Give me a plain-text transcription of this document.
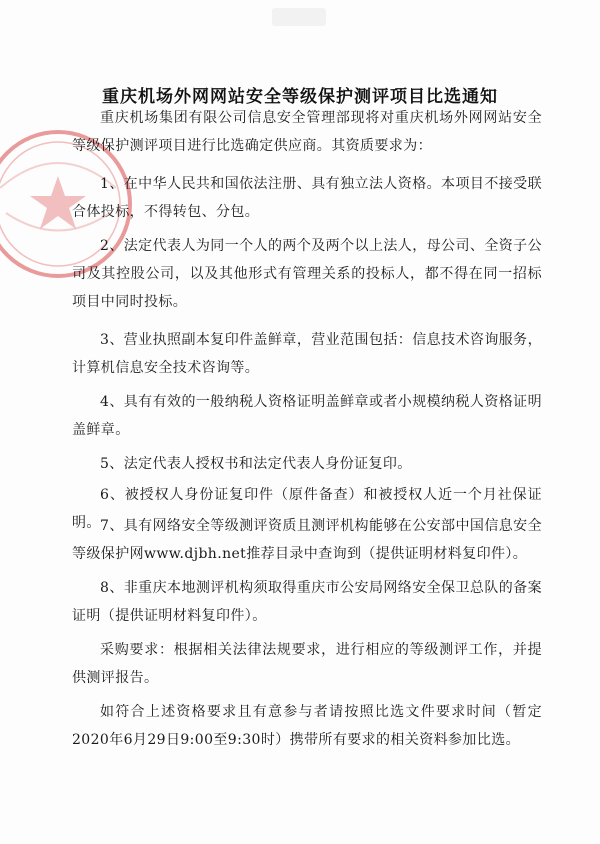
重庆机场外网网站安全等级保护测评项目比选通知
重庆机场集团有限公司信息安全管理部现将对重庆机场外网网站安全等级保护测评项目进行比选确定供应商。其资质要求为：
1、在中华人民共和国依法注册、具有独立法人资格。本项目不接受联合体投标，不得转包、分包。
2、法定代表人为同一个人的两个及两个以上法人，母公司、全资子公司及其控股公司，以及其他形式有管理关系的投标人，都不得在同一招标项目中同时投标。
3、营业执照副本复印件盖鲜章，营业范围包括：信息技术咨询服务，计算机信息安全技术咨询等。
4、具有有效的一般纳税人资格证明盖鲜章或者小规模纳税人资格证明盖鲜章。
5、法定代表人授权书和法定代表人身份证复印。
6、被授权人身份证复印件（原件备查）和被授权人近一个月社保证明。 7、具有网络安全等级测评资质且测评机构能够在公安部中国信息安全等级保护网www.djbh.net推荐目录中查询到（提供证明材料复印件）。
8、非重庆本地测评机构须取得重庆市公安局网络安全保卫总队的备案证明（提供证明材料复印件）。
采购要求：根据相关法律法规要求，进行相应的等级测评工作，并提供测评报告。
如符合上述资格要求且有意参与者请按照比选文件要求时间（暂定2020年6月29日9:00至9:30时）携带所有要求的相关资料参加比选。
